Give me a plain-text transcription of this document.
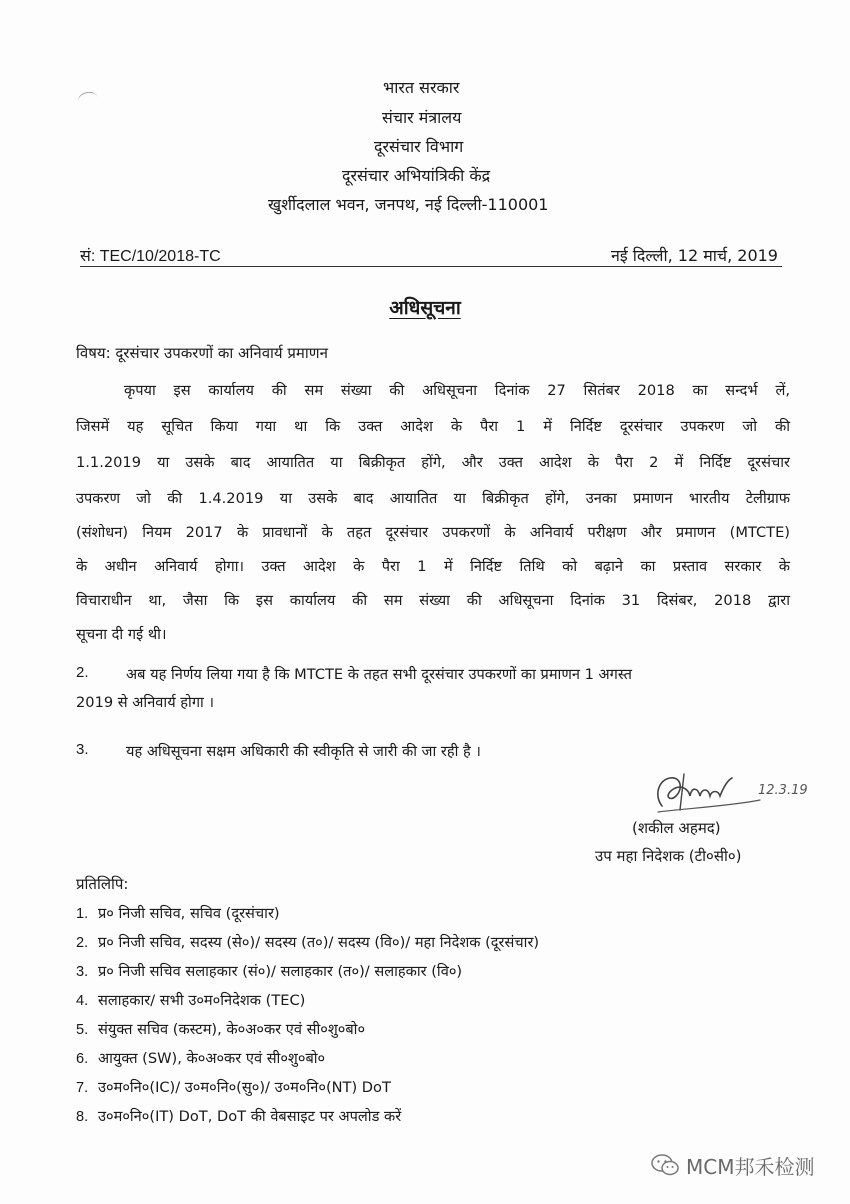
भारत सरकार
संचार मंत्रालय
दूरसंचार विभाग
दूरसंचार अभियांत्रिकी केंद्र
खुर्शीदलाल भवन, जनपथ, नई दिल्ली-110001
सं: TEC/10/2018-TC	नई दिल्ली, 12 मार्च, 2019
अधिसूचना
विषय: दूरसंचार उपकरणों का अनिवार्य प्रमाणन
कृपया इस कार्यालय की सम संख्या की अधिसूचना दिनांक 27 सितंबर 2018 का सन्दर्भ लें,
जिसमें यह सूचित किया गया था कि उक्त आदेश के पैरा 1 में निर्दिष्ट दूरसंचार उपकरण जो की
1.1.2019 या उसके बाद आयातित या बिक्रीकृत होंगे, और उक्त आदेश के पैरा 2 में निर्दिष्ट दूरसंचार
उपकरण जो की 1.4.2019 या उसके बाद आयातित या बिक्रीकृत होंगे, उनका प्रमाणन भारतीय टेलीग्राफ
(संशोधन) नियम 2017 के प्रावधानों के तहत दूरसंचार उपकरणों के अनिवार्य परीक्षण और प्रमाणन (MTCTE)
के अधीन अनिवार्य होगा। उक्त आदेश के पैरा 1 में निर्दिष्ट तिथि को बढ़ाने का प्रस्ताव सरकार के
विचाराधीन था, जैसा कि इस कार्यालय की सम संख्या की अधिसूचना दिनांक 31 दिसंबर, 2018 द्वारा
सूचना दी गई थी।
2.	अब यह निर्णय लिया गया है कि MTCTE के तहत सभी दूरसंचार उपकरणों का प्रमाणन 1 अगस्त
2019 से अनिवार्य होगा ।
3.	यह अधिसूचना सक्षम अधिकारी की स्वीकृति से जारी की जा रही है ।
12.3.19
(शकील अहमद)
उप महा निदेशक (टी०सी०)
प्रतिलिपि:
1. प्र० निजी सचिव, सचिव (दूरसंचार)
2. प्र० निजी सचिव, सदस्य (से०)/ सदस्य (त०)/ सदस्य (वि०)/ महा निदेशक (दूरसंचार)
3. प्र० निजी सचिव सलाहकार (सं०)/ सलाहकार (त०)/ सलाहकार (वि०)
4. सलाहकार/ सभी उ०म०निदेशक (TEC)
5. संयुक्त सचिव (कस्टम), के०अ०कर एवं सी०शु०बो०
6. आयुक्त (SW), के०अ०कर एवं सी०शु०बो०
7. उ०म०नि०(IC)/ उ०म०नि०(सु०)/ उ०म०नि०(NT) DoT
8. उ०म०नि०(IT) DoT, DoT की वेबसाइट पर अपलोड करें
MCM邦禾检测
